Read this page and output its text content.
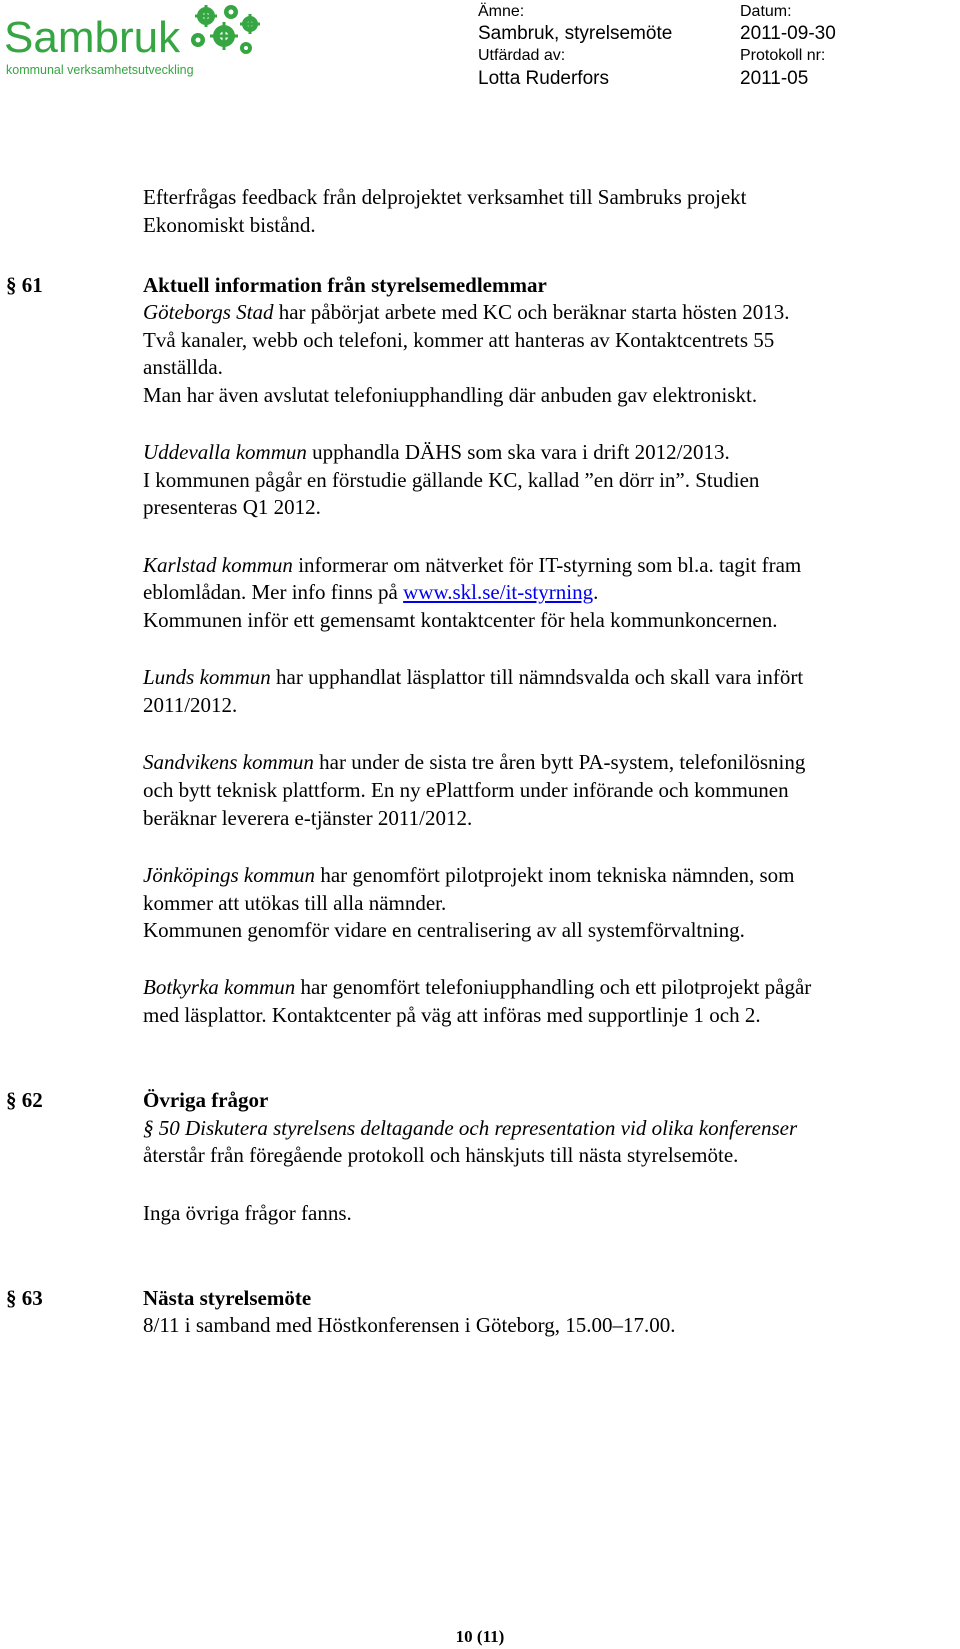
Sambruk
kommunal verksamhetsutveckling
Ämne:
Sambruk, styrelsemöte
Datum:
2011-09-30
Utfärdad av:
Lotta Ruderfors
Protokoll nr:
2011-05
Efterfrågas feedback från delprojektet verksamhet till Sambruks projekt
Ekonomiskt bistånd.
§ 61	Aktuell information från styrelsemedlemmar
Göteborgs Stad har påbörjat arbete med KC och beräknar starta hösten 2013.
Två kanaler, webb och telefoni, kommer att hanteras av Kontaktcentrets 55
anställda.
Man har även avslutat telefoniupphandling där anbuden gav elektroniskt.
Uddevalla kommun upphandla DÄHS som ska vara i drift 2012/2013.
I kommunen pågår en förstudie gällande KC, kallad ”en dörr in”. Studien
presenteras Q1 2012.
Karlstad kommun informerar om nätverket för IT-styrning som bl.a. tagit fram
eblomlådan. Mer info finns på www.skl.se/it-styrning.
Kommunen inför ett gemensamt kontaktcenter för hela kommunkoncernen.
Lunds kommun har upphandlat läsplattor till nämndsvalda och skall vara infört
2011/2012.
Sandvikens kommun har under de sista tre åren bytt PA-system, telefonilösning
och bytt teknisk plattform. En ny ePlattform under införande och kommunen
beräknar leverera e-tjänster 2011/2012.
Jönköpings kommun har genomfört pilotprojekt inom tekniska nämnden, som
kommer att utökas till alla nämnder.
Kommunen genomför vidare en centralisering av all systemförvaltning.
Botkyrka kommun har genomfört telefoniupphandling och ett pilotprojekt pågår
med läsplattor. Kontaktcenter på väg att införas med supportlinje 1 och 2.
§ 62	Övriga frågor
§ 50 Diskutera styrelsens deltagande och representation vid olika konferenser
återstår från föregående protokoll och hänskjuts till nästa styrelsemöte.
Inga övriga frågor fanns.
§ 63	Nästa styrelsemöte
8/11 i samband med Höstkonferensen i Göteborg, 15.00–17.00.
10 (11)
